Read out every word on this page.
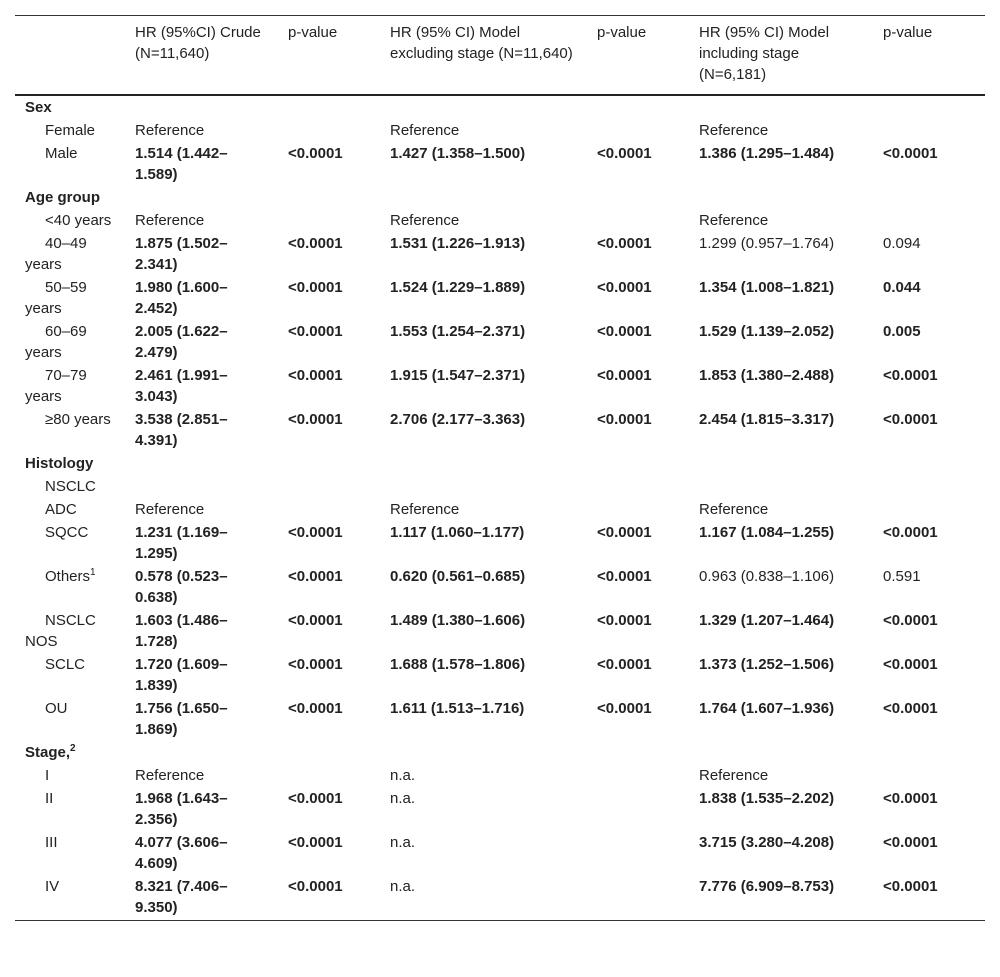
	HR (95%CI) Crude (N=11,640)	p-value	HR (95% CI) Model excluding stage (N=11,640)	p-value	HR (95% CI) Model including stage (N=6,181)	p-value
Sex						
Female	Reference		Reference		Reference	
Male	1.514 (1.442–1.589)	<0.0001	1.427 (1.358–1.500)	<0.0001	1.386 (1.295–1.484)	<0.0001
Age group						
<40 years	Reference		Reference		Reference	
40–49 years	1.875 (1.502–2.341)	<0.0001	1.531 (1.226–1.913)	<0.0001	1.299 (0.957–1.764)	0.094
50–59 years	1.980 (1.600–2.452)	<0.0001	1.524 (1.229–1.889)	<0.0001	1.354 (1.008–1.821)	0.044
60–69 years	2.005 (1.622–2.479)	<0.0001	1.553 (1.254–2.371)	<0.0001	1.529 (1.139–2.052)	0.005
70–79 years	2.461 (1.991–3.043)	<0.0001	1.915 (1.547–2.371)	<0.0001	1.853 (1.380–2.488)	<0.0001
≥80 years	3.538 (2.851–4.391)	<0.0001	2.706 (2.177–3.363)	<0.0001	2.454 (1.815–3.317)	<0.0001
Histology						
NSCLC						
ADC	Reference		Reference		Reference	
SQCC	1.231 (1.169–1.295)	<0.0001	1.117 (1.060–1.177)	<0.0001	1.167 (1.084–1.255)	<0.0001
Others$^1$	0.578 (0.523–0.638)	<0.0001	0.620 (0.561–0.685)	<0.0001	0.963 (0.838–1.106)	0.591
NSCLC NOS	1.603 (1.486–1.728)	<0.0001	1.489 (1.380–1.606)	<0.0001	1.329 (1.207–1.464)	<0.0001
SCLC	1.720 (1.609–1.839)	<0.0001	1.688 (1.578–1.806)	<0.0001	1.373 (1.252–1.506)	<0.0001
OU	1.756 (1.650–1.869)	<0.0001	1.611 (1.513–1.716)	<0.0001	1.764 (1.607–1.936)	<0.0001
Stage,$^2$						
I	Reference		n.a.		Reference	
II	1.968 (1.643–2.356)	<0.0001	n.a.		1.838 (1.535–2.202)	<0.0001
III	4.077 (3.606–4.609)	<0.0001	n.a.		3.715 (3.280–4.208)	<0.0001
IV	8.321 (7.406–9.350)	<0.0001	n.a.		7.776 (6.909–8.753)	<0.0001
